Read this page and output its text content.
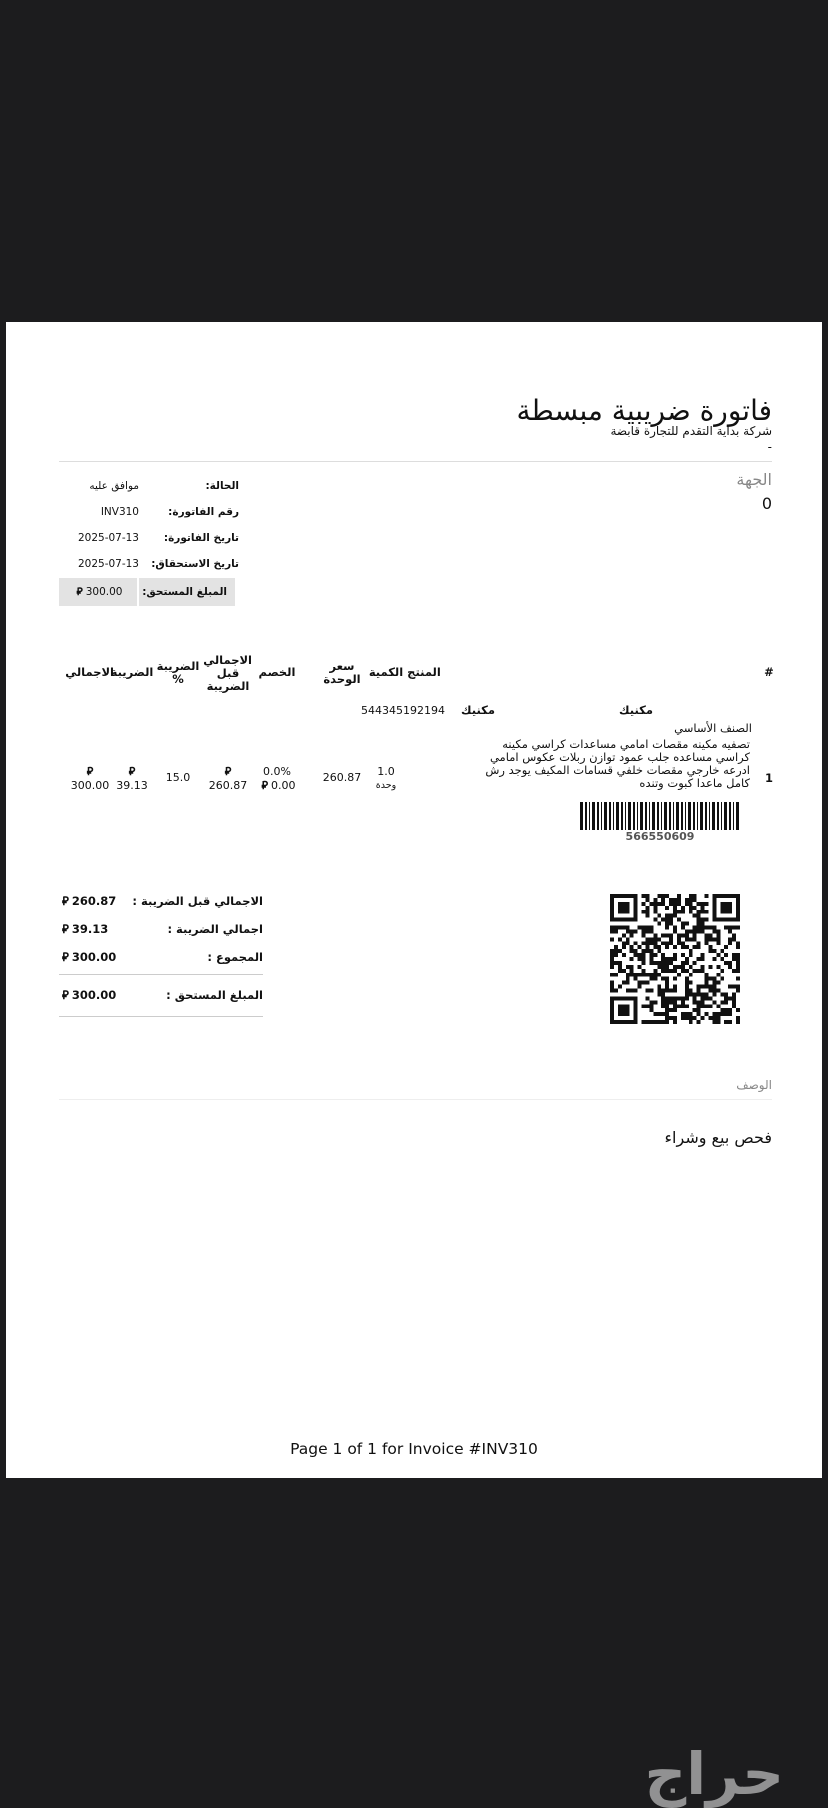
فاتورة ضريبية مبسطة
شركة بداية التقدم للتجارة قابضة
-
الجهة
0
الحالة:
موافق عليه
رقم الفاتورة:
INV310
تاريخ الفاتورة:
2025-07-13
تاريخ الاستحقاق:
2025-07-13
⃁ 300.00	المبلغ المستحق:
#
المنتج
الكمية
سعر الوحدة
الخصم
الاجمالي قبل الضريبة
الضريبة %
الضريبة
الاجمالي
1
مكنيك
مكنيك
544345192194
الصنف الأساسي
تصفيه مكينه مقصات امامي مساعدات كراسي مكينه كراسي مساعده جلب عمود توازن ربلات عكوس امامي ادرعه خارجي مقصات خلفي قسامات المكيف يوجد رش كامل ماعدا كبوت وتنده
566550609
1.0
وحدة
260.87
0.0%
⃁ 0.00
⃁
260.87
15.0
⃁
39.13
⃁
300.00
الاجمالي قبل الضريبة :
⃁ 260.87
اجمالي الضريبة :
⃁ 39.13
المجموع :
⃁ 300.00
المبلغ المستحق :
⃁ 300.00
الوصف
فحص بيع وشراء
Page 1 of 1 for Invoice #INV310
حراج
